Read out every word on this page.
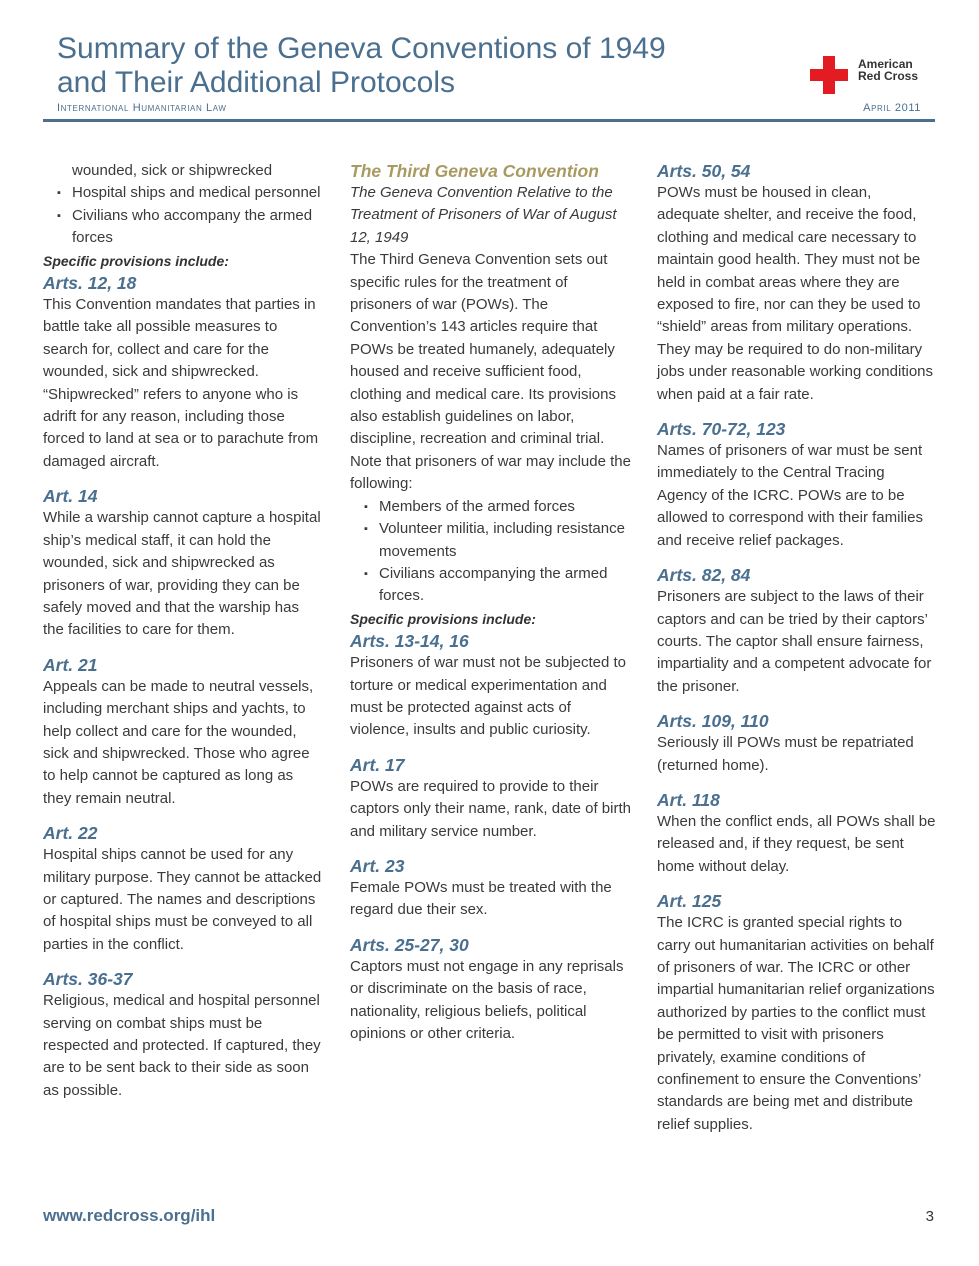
Summary of the Geneva Conventions of 1949
and Their Additional Protocols
International Humanitarian Law	April 2011
American
Red Cross

wounded, sick or shipwrecked

▪ Hospital ships and medical personnel
▪ Civilians who accompany the armed forces

Specific provisions include:

Arts. 12, 18

This Convention mandates that parties in battle take all possible measures to search for, collect and care for the wounded, sick and shipwrecked. “Shipwrecked” refers to anyone who is adrift for any reason, including those forced to land at sea or to parachute from damaged aircraft.

Art. 14

While a warship cannot capture a hospital ship’s medical staff, it can hold the wounded, sick and shipwrecked as prisoners of war, providing they can be safely moved and that the warship has the facilities to care for them.

Art. 21

Appeals can be made to neutral vessels, including merchant ships and yachts, to help collect and care for the wounded, sick and shipwrecked. Those who agree to help cannot be captured as long as they remain neutral.

Art. 22

Hospital ships cannot be used for any military purpose. They cannot be attacked or captured. The names and descriptions of hospital ships must be conveyed to all parties in the conflict.

Arts. 36-37

Religious, medical and hospital personnel serving on combat ships must be respected and protected. If captured, they are to be sent back to their side as soon as possible.

The Third Geneva Convention

The Geneva Convention Relative to the Treatment of Prisoners of War of August 12, 1949

The Third Geneva Convention sets out specific rules for the treatment of prisoners of war (POWs). The Convention’s 143 articles require that POWs be treated humanely, adequately housed and receive sufficient food, clothing and medical care. Its provisions also establish guidelines on labor, discipline, recreation and criminal trial. Note that prisoners of war may include the following:

▪ Members of the armed forces
▪ Volunteer militia, including resistance movements
▪ Civilians accompanying the armed forces.

Specific provisions include:

Arts. 13-14, 16

Prisoners of war must not be subjected to torture or medical experimentation and must be protected against acts of violence, insults and public curiosity.

Art. 17

POWs are required to provide to their captors only their name, rank, date of birth and military service number.

Art. 23

Female POWs must be treated with the regard due their sex.

Arts. 25-27, 30

Captors must not engage in any reprisals or discriminate on the basis of race, nationality, religious beliefs, political opinions or other criteria.

Arts. 50, 54

POWs must be housed in clean, adequate shelter, and receive the food, clothing and medical care necessary to maintain good health. They must not be held in combat areas where they are exposed to fire, nor can they be used to “shield” areas from military operations. They may be required to do non-military jobs under reasonable working conditions when paid at a fair rate.

Arts. 70-72, 123

Names of prisoners of war must be sent immediately to the Central Tracing Agency of the ICRC. POWs are to be allowed to correspond with their families and receive relief packages.

Arts. 82, 84

Prisoners are subject to the laws of their captors and can be tried by their captors’ courts. The captor shall ensure fairness, impartiality and a competent advocate for the prisoner.

Arts. 109, 110

Seriously ill POWs must be repatriated (returned home).

Art. 118

When the conflict ends, all POWs shall be released and, if they request, be sent home without delay.

Art. 125

The ICRC is granted special rights to carry out humanitarian activities on behalf of prisoners of war. The ICRC or other impartial humanitarian relief organizations authorized by parties to the conflict must be permitted to visit with prisoners privately, examine conditions of confinement to ensure the Conventions’ standards are being met and distribute relief supplies.

www.redcross.org/ihl	3
